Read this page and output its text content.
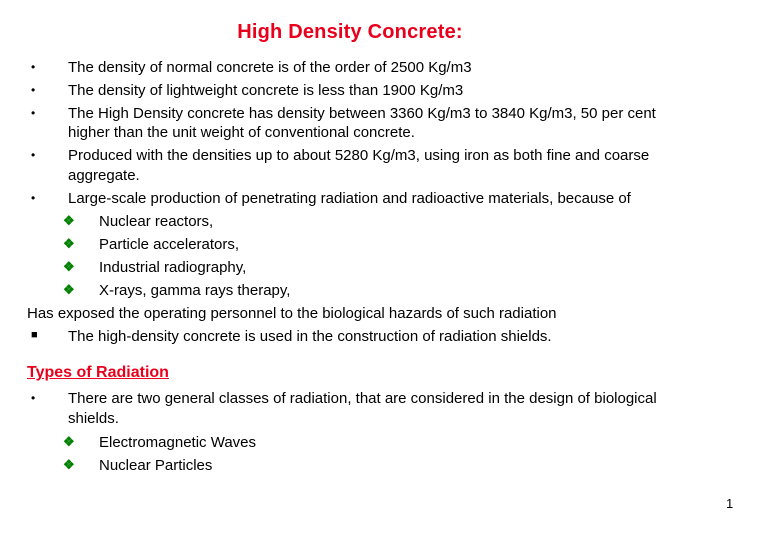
High Density Concrete:
• The density of normal concrete is of the order of 2500 Kg/m3
• The density of lightweight concrete is less than 1900 Kg/m3
• The High Density concrete has density between 3360 Kg/m3 to 3840 Kg/m3, 50 per cent
higher than the unit weight of conventional concrete.
• Produced with the densities up to about 5280 Kg/m3, using iron as both fine and coarse
aggregate.
• Large-scale production of penetrating radiation and radioactive materials, because of
❖ Nuclear reactors,
❖ Particle accelerators,
❖ Industrial radiography,
❖ X-rays, gamma rays therapy,
Has exposed the operating personnel to the biological hazards of such radiation
■ The high-density concrete is used in the construction of radiation shields.
Types of Radiation
• There are two general classes of radiation, that are considered in the design of biological
shields.
❖ Electromagnetic Waves
❖ Nuclear Particles
1
